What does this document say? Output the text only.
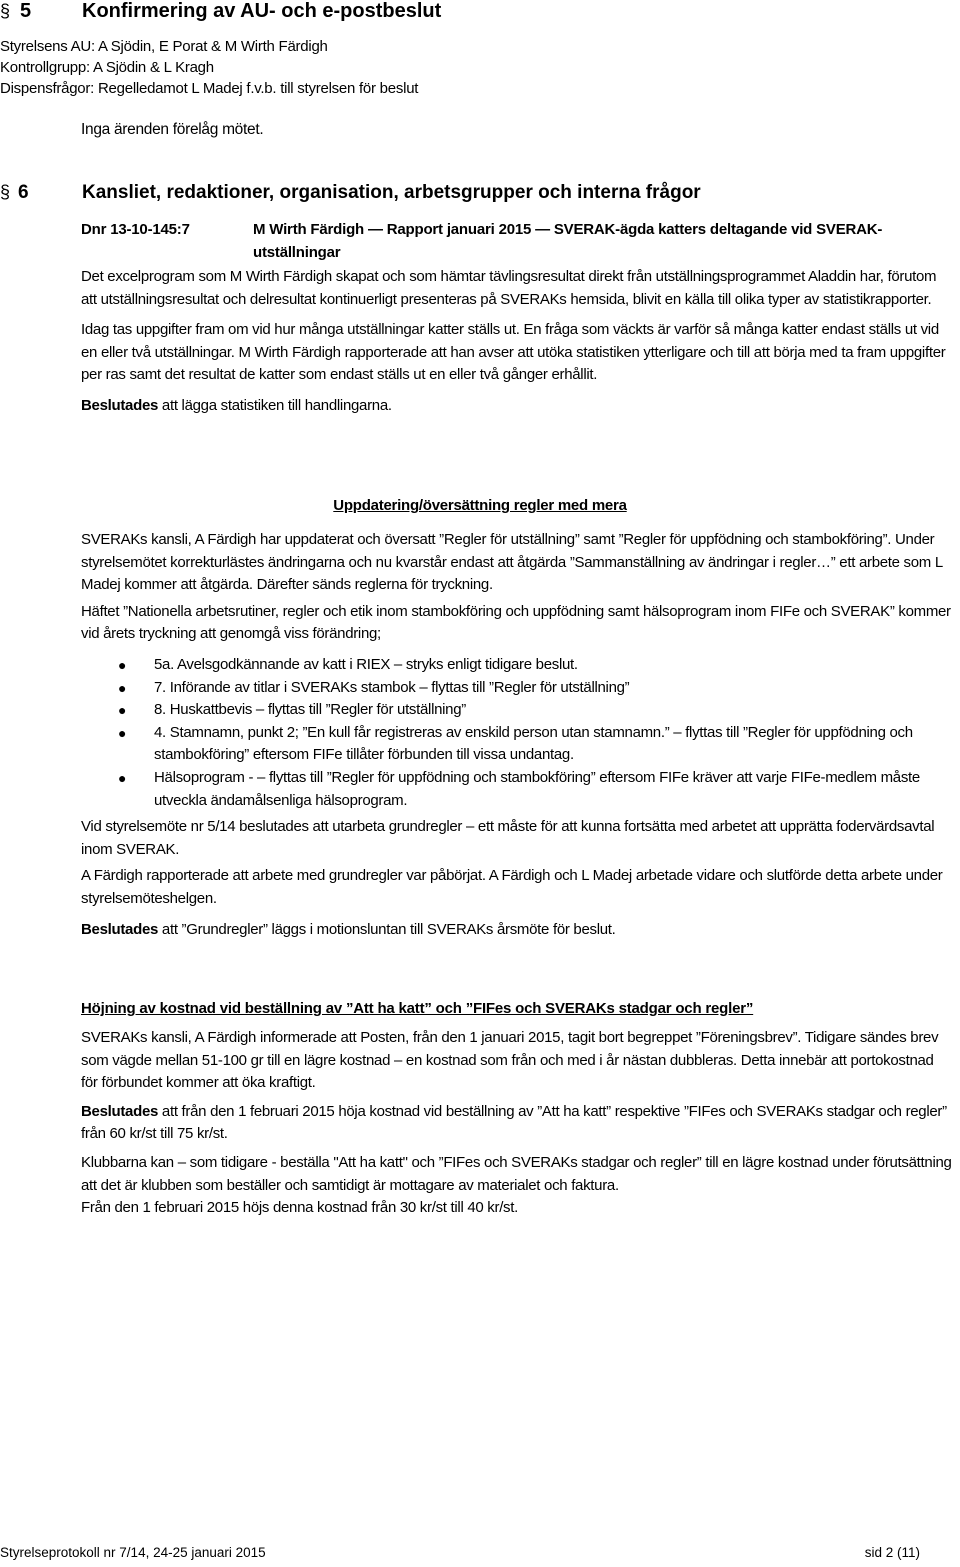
§ 5	Konfirmering av AU- och e-postbeslut
Styrelsens AU: A Sjödin, E Porat & M Wirth Färdigh
Kontrollgrupp: A Sjödin & L Kragh
Dispensfrågor: Regelledamot L Madej f.v.b. till styrelsen för beslut
Inga ärenden förelåg mötet.
§ 6	Kansliet, redaktioner, organisation, arbetsgrupper och interna frågor
Dnr 13-10-145:7	M Wirth Färdigh — Rapport januari 2015 — SVERAK-ägda katters deltagande vid SVERAK-utställningar

Det excelprogram som M Wirth Färdigh skapat och som hämtar tävlingsresultat direkt från utställningsprogrammet Aladdin har, förutom att utställningsresultat och delresultat kontinuerligt presenteras på SVERAKs hemsida, blivit en källa till olika typer av statistikrapporter.

Idag tas uppgifter fram om vid hur många utställningar katter ställs ut. En fråga som väckts är varför så många katter endast ställs ut vid en eller två utställningar. M Wirth Färdigh rapporterade att han avser att utöka statistiken ytterligare och till att börja med ta fram uppgifter per ras samt det resultat de katter som endast ställs ut en eller två gånger erhållit.

Beslutades att lägga statistiken till handlingarna.

Uppdatering/översättning regler med mera

SVERAKs kansli, A Färdigh har uppdaterat och översatt ”Regler för utställning” samt ”Regler för uppfödning och stambokföring”. Under styrelsemötet korrekturlästes ändringarna och nu kvarstår endast att åtgärda ”Sammanställning av ändringar i regler…” ett arbete som L Madej kommer att åtgärda. Därefter sänds reglerna för tryckning.

Häftet ”Nationella arbetsrutiner, regler och etik inom stambokföring och uppfödning samt hälsoprogram inom FIFe och SVERAK” kommer vid årets tryckning att genomgå viss förändring;

● 5a. Avelsgodkännande av katt i RIEX – stryks enligt tidigare beslut.
● 7. Införande av titlar i SVERAKs stambok – flyttas till ”Regler för utställning”
● 8. Huskattbevis – flyttas till ”Regler för utställning”
● 4. Stamnamn, punkt 2; ”En kull får registreras av enskild person utan stamnamn.” – flyttas till ”Regler för uppfödning och stambokföring” eftersom FIFe tillåter förbunden till vissa undantag.
● Hälsoprogram - – flyttas till ”Regler för uppfödning och stambokföring” eftersom FIFe kräver att varje FIFe-medlem måste utveckla ändamålsenliga hälsoprogram.

Vid styrelsemöte nr 5/14 beslutades att utarbeta grundregler – ett måste för att kunna fortsätta med arbetet att upprätta fodervärdsavtal inom SVERAK.

A Färdigh rapporterade att arbete med grundregler var påbörjat. A Färdigh och L Madej arbetade vidare och slutförde detta arbete under styrelsemöteshelgen.

Beslutades att ”Grundregler” läggs i motionsluntan till SVERAKs årsmöte för beslut.

Höjning av kostnad vid beställning av ”Att ha katt” och ”FIFes och SVERAKs stadgar och regler”

SVERAKs kansli, A Färdigh informerade att Posten, från den 1 januari 2015, tagit bort begreppet ”Föreningsbrev”. Tidigare sändes brev som vägde mellan 51-100 gr till en lägre kostnad – en kostnad som från och med i år nästan dubbleras. Detta innebär att portokostnad för förbundet kommer att öka kraftigt.

Beslutades att från den 1 februari 2015 höja kostnad vid beställning av ”Att ha katt” respektive ”FIFes och SVERAKs stadgar och regler” från 60 kr/st till 75 kr/st.

Klubbarna kan – som tidigare - beställa "Att ha katt" och ”FIFes och SVERAKs stadgar och regler” till en lägre kostnad under förutsättning att det är klubben som beställer och samtidigt är mottagare av materialet och faktura.

Från den 1 februari 2015 höjs denna kostnad från 30 kr/st till 40 kr/st.

Styrelseprotokoll nr 7/14, 24-25 januari 2015	sid 2 (11)
